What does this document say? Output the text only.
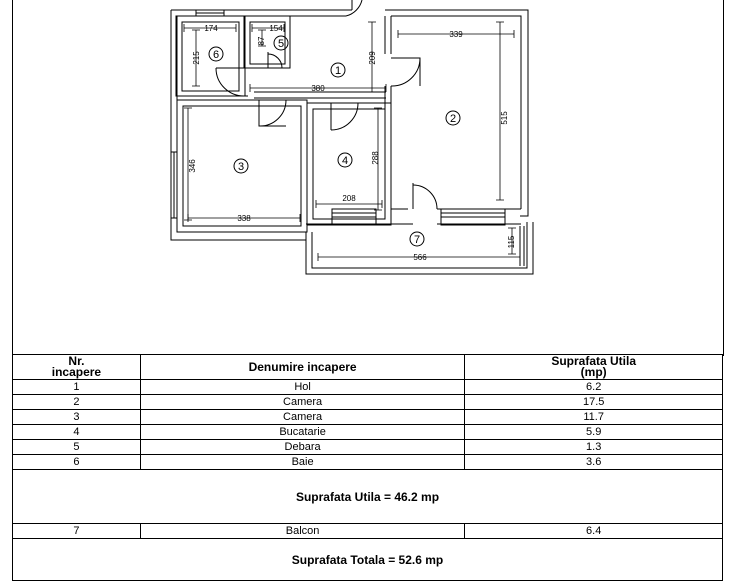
1
2
3	4
5
6
7
174	154
87
215	209
339
380
515
346
288
208
338
566
115
Nr.
incapere	Denumire incapere	Suprafata Utila
(mp)
1	Hol	6.2
2	Camera	17.5
3	Camera	11.7
4	Bucatarie	5.9
5	Debara	1.3
6	Baie	3.6
Suprafata Utila = 46.2 mp		
7	Balcon	6.4
Suprafata Totala = 52.6 mp		
